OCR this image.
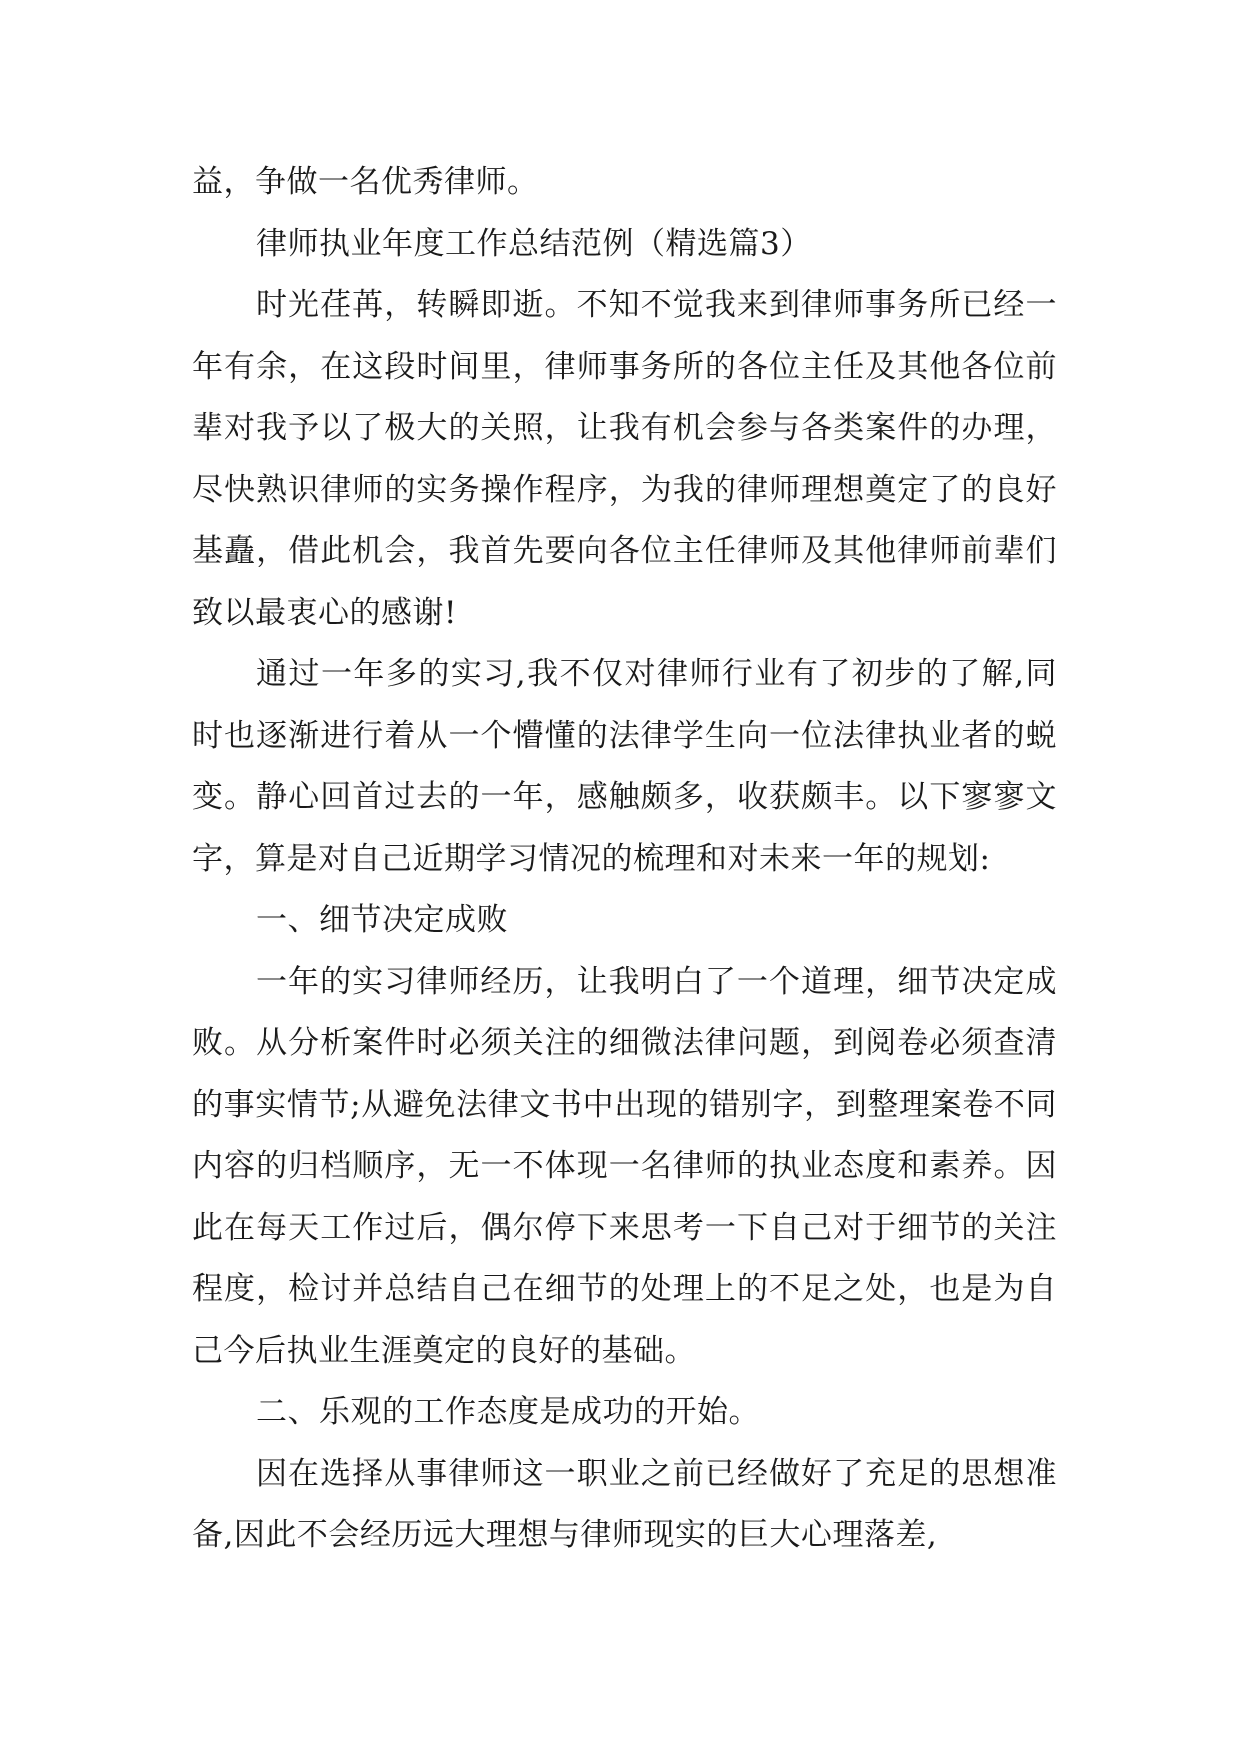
益，争做一名优秀律师。

律师执业年度工作总结范例（精选篇3）

时光荏苒，转瞬即逝。不知不觉我来到律师事务所已经一年有余，在这段时间里，律师事务所的各位主任及其他各位前辈对我予以了极大的关照，让我有机会参与各类案件的办理，尽快熟识律师的实务操作程序，为我的律师理想奠定了的良好基矗，借此机会，我首先要向各位主任律师及其他律师前辈们致以最衷心的感谢!

通过一年多的实习,我不仅对律师行业有了初步的了解,同时也逐渐进行着从一个懵懂的法律学生向一位法律执业者的蜕变。静心回首过去的一年，感触颇多，收获颇丰。以下寥寥文字，算是对自己近期学习情况的梳理和对未来一年的规划:

一、细节决定成败

一年的实习律师经历，让我明白了一个道理，细节决定成败。从分析案件时必须关注的细微法律问题，到阅卷必须查清的事实情节;从避免法律文书中出现的错别字，到整理案卷不同内容的归档顺序，无一不体现一名律师的执业态度和素养。因此在每天工作过后，偶尔停下来思考一下自己对于细节的关注程度，检讨并总结自己在细节的处理上的不足之处，也是为自己今后执业生涯奠定的良好的基础。

二、乐观的工作态度是成功的开始。

因在选择从事律师这一职业之前已经做好了充足的思想准备,因此不会经历远大理想与律师现实的巨大心理落差,
